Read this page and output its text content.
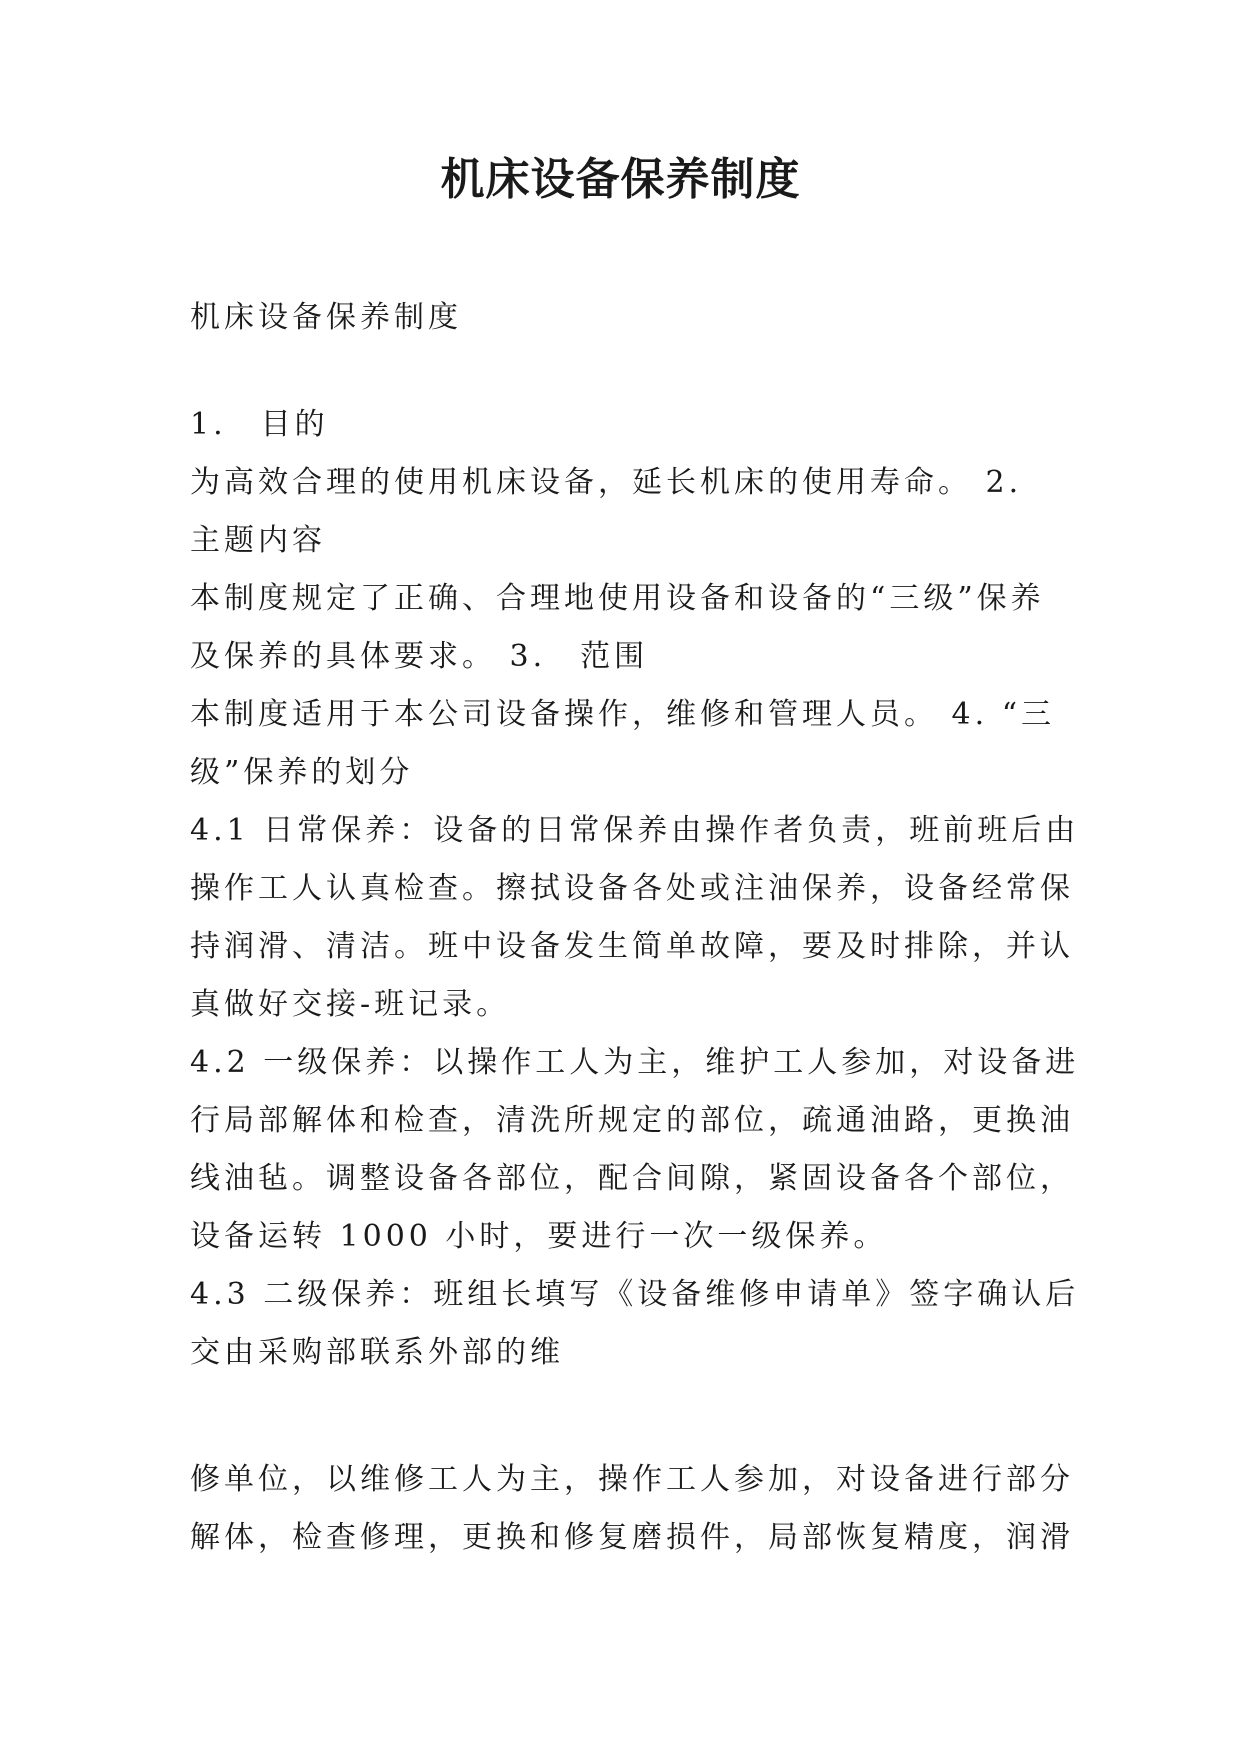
机床设备保养制度

机床设备保养制度

1.　目的

为高效合理的使用机床设备，延长机床的使用寿命。 2.

主题内容

本制度规定了正确、合理地使用设备和设备的“三级”保养

及保养的具体要求。 3.　范围

本制度适用于本公司设备操作，维修和管理人员。 4. “三

级”保养的划分

4.1 日常保养：设备的日常保养由操作者负责，班前班后由

操作工人认真检查。擦拭设备各处或注油保养，设备经常保

持润滑、清洁。班中设备发生简单故障，要及时排除，并认

真做好交接-班记录。

4.2 一级保养：以操作工人为主，维护工人参加，对设备进

行局部解体和检查，清洗所规定的部位，疏通油路，更换油

线油毡。调整设备各部位，配合间隙，紧固设备各个部位，

设备运转 1000 小时，要进行一次一级保养。

4.3 二级保养：班组长填写《设备维修申请单》签字确认后

交由采购部联系外部的维

修单位，以维修工人为主，操作工人参加，对设备进行部分

解体，检查修理，更换和修复磨损件，局部恢复精度，润滑
